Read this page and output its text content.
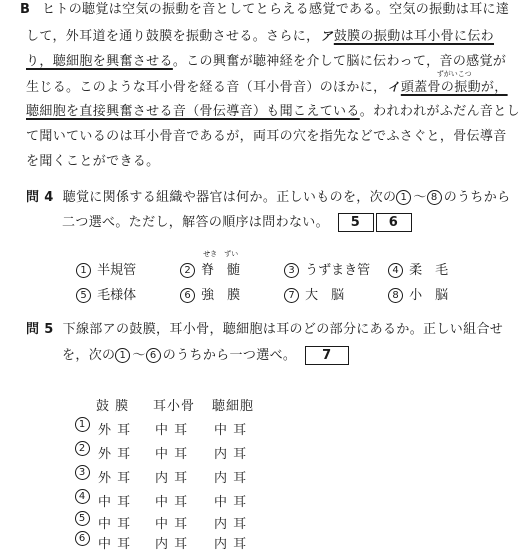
B ヒトの聴覚は空気の振動を音としてとらえる感覚である。空気の振動は耳に達
して，外耳道を通り鼓膜を振動させる。さらに，ア鼓膜の振動は耳小骨に伝わ
り，聴細胞を興奮させる。この興奮が聴神経を介して脳に伝わって，音の感覚が
生じる。このような耳小骨を経る音（耳小骨音）のほかに，イ
ずがいこつ
頭蓋骨の振動が，
聴細胞を直接興奮させる音（骨伝導音）も聞こえている。われわれがふだん音とし
て聞いているのは耳小骨音であるが，両耳の穴を指先などでふさぐと，骨伝導音
を聞くことができる。
問 4 聴覚に関係する組織や器官は何か。正しいものを，次の 1 〜 8 のうちから
二つ選べ。ただし，解答の順序は問わない。 5 6
1 半規管	2
せき　ずい
脊　髄	3 うずまき管	4 柔　毛
5 毛様体	6 強　膜	7 大　脳	8 小　脳
問 5 下線部アの鼓膜，耳小骨，聴細胞は耳のどの部分にあるか。正しい組合せ
を，次の 1 〜 6 のうちから一つ選べ。 7
鼓 膜 耳小骨 聴細胞
1 外 耳 中 耳 中 耳
2 外 耳 中 耳 内 耳
3 外 耳 内 耳 内 耳
4 中 耳 中 耳 中 耳
5 中 耳 中 耳 内 耳
6 中 耳 内 耳 内 耳
